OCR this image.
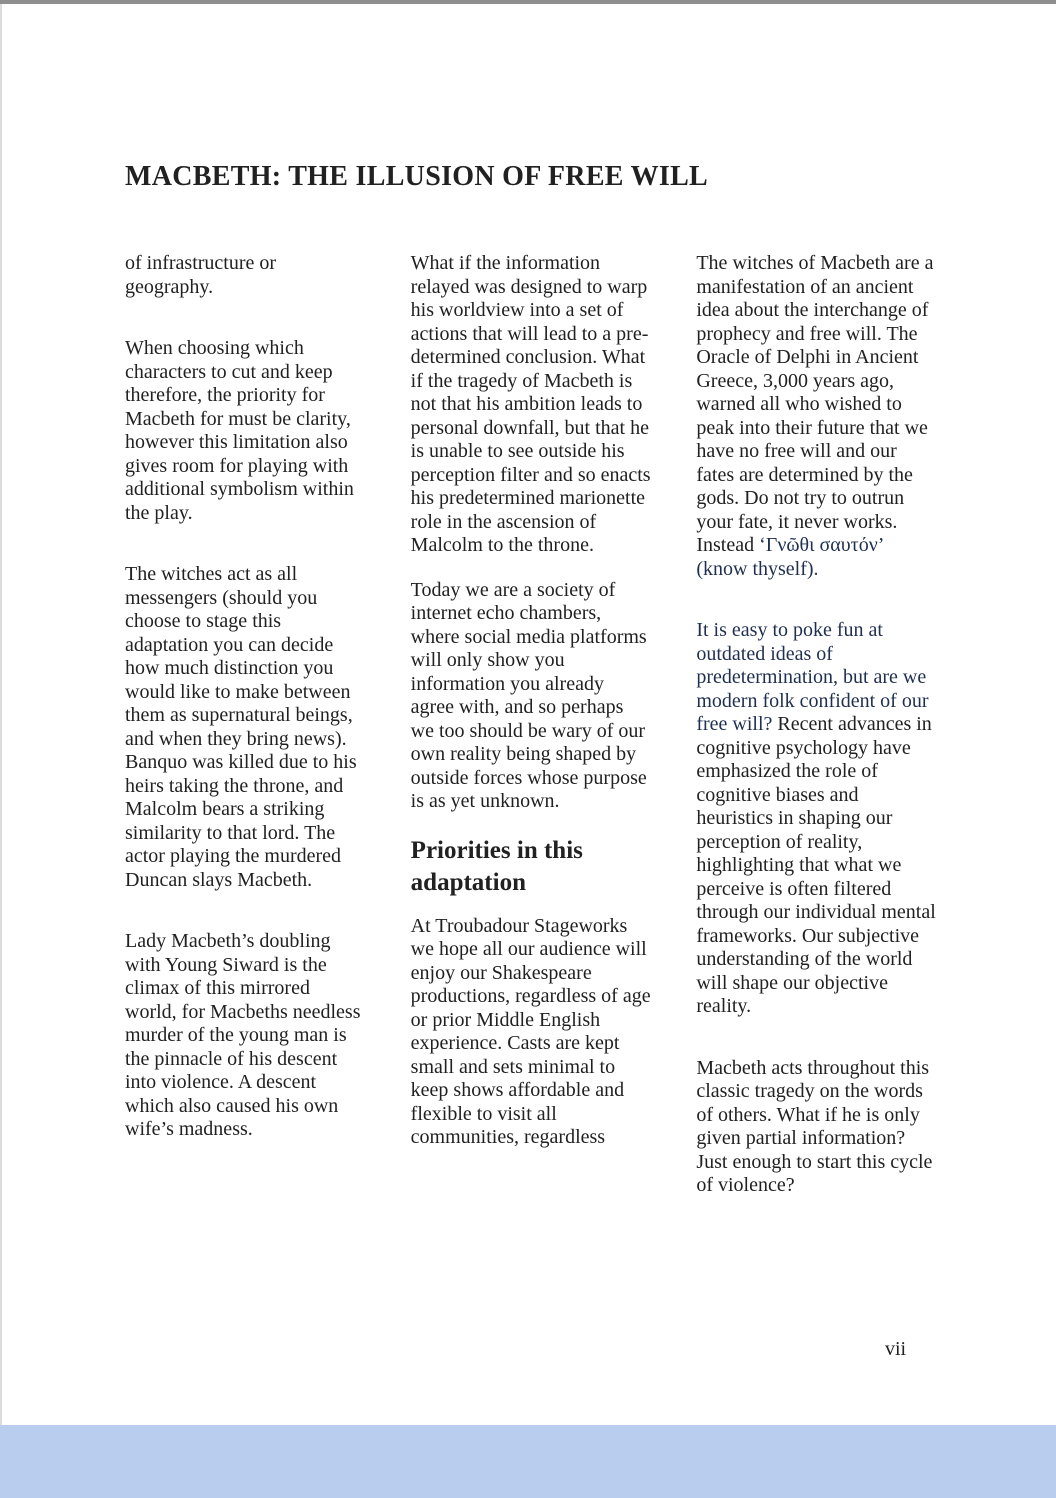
MACBETH: THE ILLUSION OF FREE WILL

of infrastructure or geography.

When choosing which characters to cut and keep therefore, the priority for Macbeth for must be clarity, however this limitation also gives room for playing with additional symbolism within the play.

The witches act as all messengers (should you choose to stage this adaptation you can decide how much distinction you would like to make between them as supernatural beings, and when they bring news). Banquo was killed due to his heirs taking the throne, and Malcolm bears a striking similarity to that lord. The actor playing the murdered Duncan slays Macbeth.

Lady Macbeth’s doubling with Young Siward is the climax of this mirrored world, for Macbeths needless murder of the young man is the pinnacle of his descent into violence. A descent which also caused his own wife’s madness.

What if the information relayed was designed to warp his worldview into a set of actions that will lead to a pre-determined conclusion. What if the tragedy of Macbeth is not that his ambition leads to personal downfall, but that he is unable to see outside his perception filter and so enacts his predetermined marionette role in the ascension of Malcolm to the throne.

Today we are a society of internet echo chambers, where social media platforms will only show you information you already agree with, and so perhaps we too should be wary of our own reality being shaped by outside forces whose purpose is as yet unknown.

Priorities in this adaptation

At Troubadour Stageworks we hope all our audience will enjoy our Shakespeare productions, regardless of age or prior Middle English experience. Casts are kept small and sets minimal to keep shows affordable and flexible to visit all communities, regardless

The witches of Macbeth are a manifestation of an ancient idea about the interchange of prophecy and free will. The Oracle of Delphi in Ancient Greece, 3,000 years ago, warned all who wished to peak into their future that we have no free will and our fates are determined by the gods. Do not try to outrun your fate, it never works. Instead ‘Γνῶθι σαυτόν’ (know thyself).

It is easy to poke fun at outdated ideas of predetermination, but are we modern folk confident of our free will? Recent advances in cognitive psychology have emphasized the role of cognitive biases and heuristics in shaping our perception of reality, highlighting that what we perceive is often filtered through our individual mental frameworks. Our subjective understanding of the world will shape our objective reality.

Macbeth acts throughout this classic tragedy on the words of others. What if he is only given partial information? Just enough to start this cycle of violence?

vii
